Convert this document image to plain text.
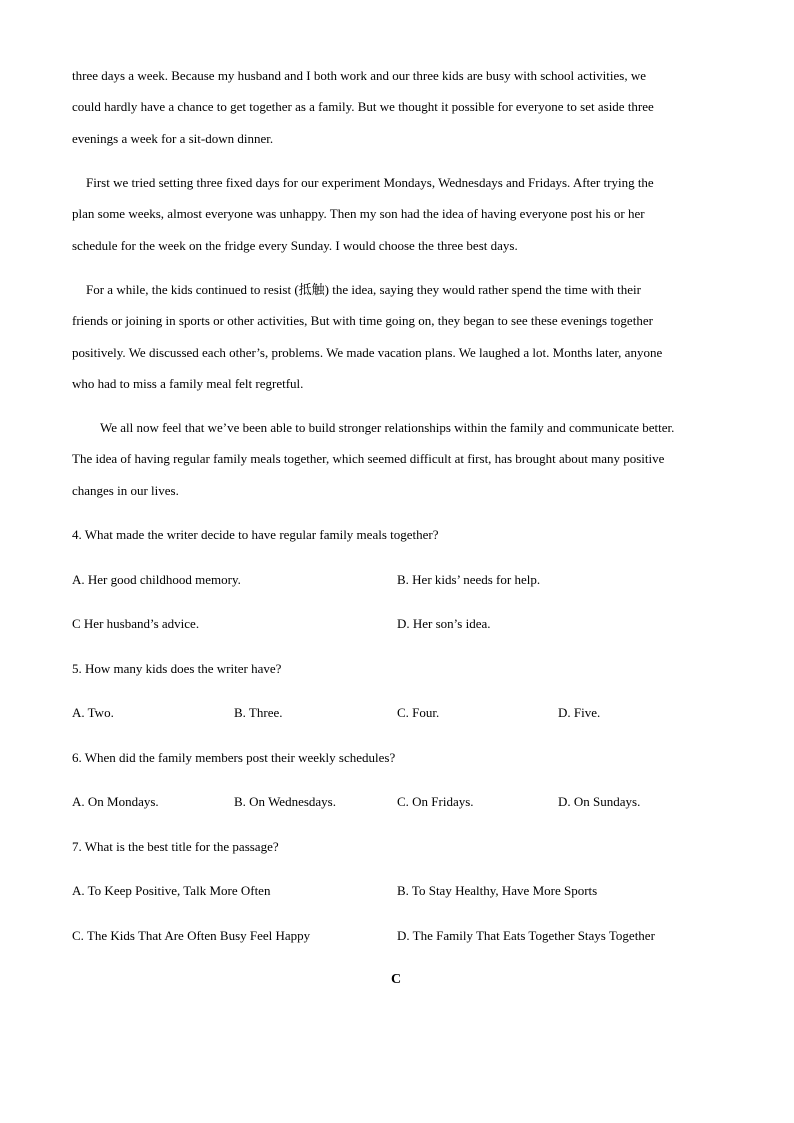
three days a week. Because my husband and I both work and our three kids are busy with school activities, we
could hardly have a chance to get together as a family. But we thought it possible for everyone to set aside three
evenings a week for a sit-down dinner.
First we tried setting three fixed days for our experiment Mondays, Wednesdays and Fridays. After trying the
plan some weeks, almost everyone was unhappy. Then my son had the idea of having everyone post his or her
schedule for the week on the fridge every Sunday. I would choose the three best days.
For a while, the kids continued to resist (抵触) the idea, saying they would rather spend the time with their
friends or joining in sports or other activities, But with time going on, they began to see these evenings together
positively. We discussed each other’s, problems. We made vacation plans. We laughed a lot. Months later, anyone
who had to miss a family meal felt regretful.
We all now feel that we’ve been able to build stronger relationships within the family and communicate better.
The idea of having regular family meals together, which seemed difficult at first, has brought about many positive
changes in our lives.
4. What made the writer decide to have regular family meals together?
A. Her good childhood memory.	B. Her kids’ needs for help.
C Her husband’s advice.	D. Her son’s idea.
5. How many kids does the writer have?
A. Two.	B. Three.	C. Four.	D. Five.
6. When did the family members post their weekly schedules?
A. On Mondays.	B. On Wednesdays.	C. On Fridays.	D. On Sundays.
7. What is the best title for the passage?
A. To Keep Positive, Talk More Often	B. To Stay Healthy, Have More Sports
C. The Kids That Are Often Busy Feel Happy	D. The Family That Eats Together Stays Together
C
